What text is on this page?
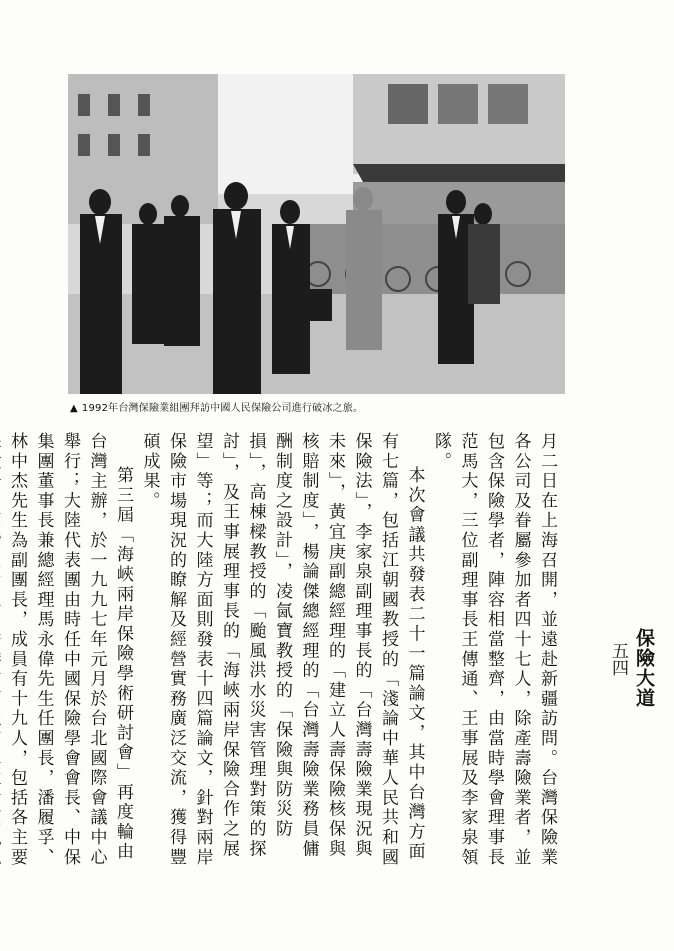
▲ 1992年台灣保險業組團拜訪中國人民保險公司進行破冰之旅。
保險大道
五四

月二日在上海召開，並遠赴新疆訪問。台灣保險業各公司及眷屬參加者四十七人，除產壽險業者，並包含保險學者，陣容相當整齊，由當時學會理事長范馬大，三位副理事長王傳通、王事展及李家泉領隊。

本次會議共發表二十一篇論文，其中台灣方面有七篇，包括江朝國教授的「淺論中華人民共和國保險法」，李家泉副理事長的「台灣壽險業現況與未來」，黃宜庚副總經理的「建立人壽保險核保與核賠制度」，楊論傑總經理的「台灣壽險業務員傭酬制度之設計」，凌氤寶教授的「保險與防災防損」，高棟樑教授的「颱風洪水災害管理對策的探討」，及王事展理事長的「海峽兩岸保險合作之展望」等；而大陸方面則發表十四篇論文，針對兩岸保險市場現況的瞭解及經營實務廣泛交流，獲得豐碩成果。

第三屆「海峽兩岸保險學術研討會」再度輪由台灣主辦，於一九九七年元月於台北國際會議中心舉行；大陸代表團由時任中國保險學會會長、中保集團董事長兼總經理馬永偉先生任團長，潘履孚、林中杰先生為副團長，成員有十九人，包括各主要
